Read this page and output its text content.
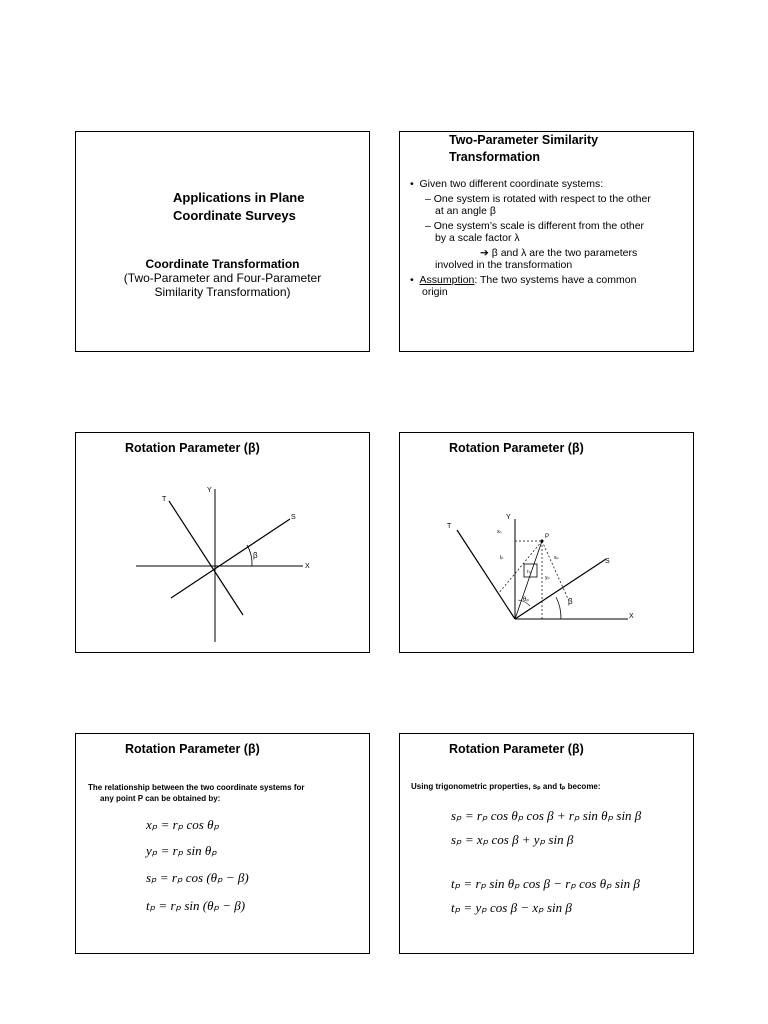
Applications in Plane
Coordinate Surveys
Coordinate Transformation
(Two-Parameter and Four-Parameter
Similarity Transformation)
Two-Parameter Similarity
Transformation
•  Given two different coordinate systems:
– One system is rotated with respect to the other
at an angle β
– One system’s scale is different from the other
by a scale factor λ
➔ β and λ are the two parameters
involved in the transformation
•  Assumption: The two systems have a common
origin
Rotation Parameter (β)
Y
X
T
S
β
Rotation Parameter (β)
Y
X
T
S
P
β
xₚ
tₚ	sₚ
yₚ
rₚ
θₚ
Rotation Parameter (β)
The relationship between the two coordinate systems for
any point P can be obtained by:
xₚ = rₚ cos θₚ
yₚ = rₚ sin θₚ
sₚ = rₚ cos (θₚ − β)
tₚ = rₚ sin (θₚ − β)
Rotation Parameter (β)
Using trigonometric properties, sₚ and tₚ become:
sₚ = rₚ cos θₚ cos β + rₚ sin θₚ sin β
sₚ = xₚ cos β + yₚ sin β
tₚ = rₚ sin θₚ cos β − rₚ cos θₚ sin β
tₚ = yₚ cos β − xₚ sin β
